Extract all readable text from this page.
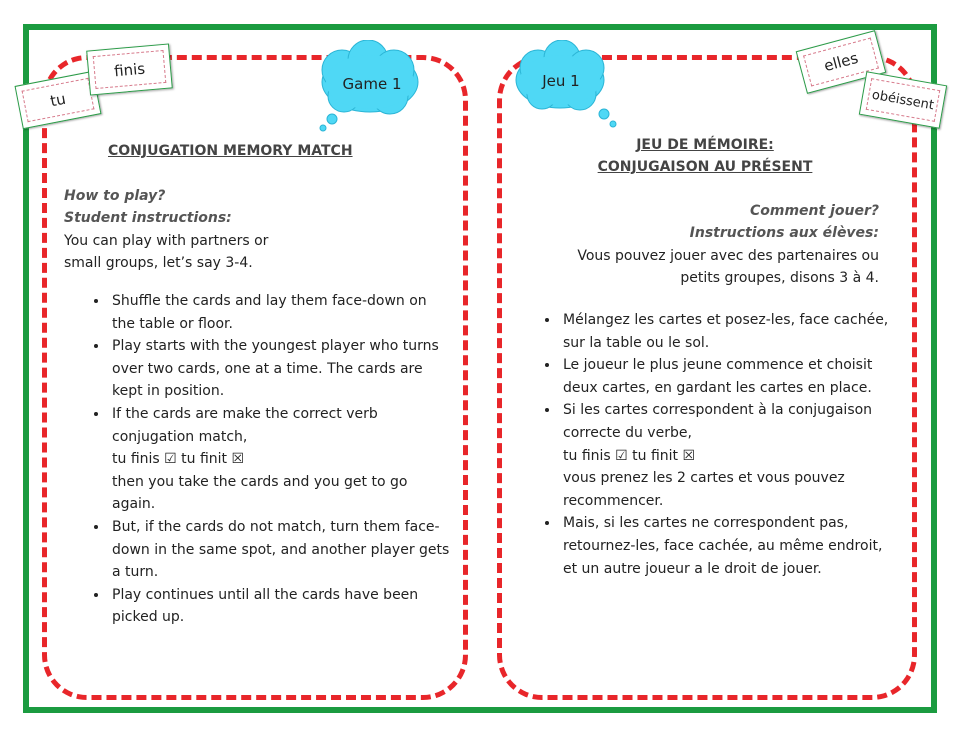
Game 1	Jeu 1
tu
finis	elles
obéissent
CONJUGATION MEMORY MATCH
How to play?
Student instructions:
You can play with partners or
small groups, let’s say 3-4.
• Shuffle the cards and lay them face-down on the table or floor.
• Play starts with the youngest player who turns over two cards, one at a time. The cards are kept in position.
• If the cards are make the correct verb conjugation match,
tu finis ☑ tu finit ☒
then you take the cards and you get to go again.
• But, if the cards do not match, turn them face-down in the same spot, and another player gets a turn.
• Play continues until all the cards have been picked up.
JEU DE MÉMOIRE:
CONJUGAISON AU PRÉSENT
Comment jouer?
Instructions aux élèves:
Vous pouvez jouer avec des partenaires ou
petits groupes, disons 3 à 4.
• Mélangez les cartes et posez-les, face cachée, sur la table ou le sol.
• Le joueur le plus jeune commence et choisit deux cartes, en gardant les cartes en place.
• Si les cartes correspondent à la conjugaison correcte du verbe,
tu finis ☑ tu finit ☒
vous prenez les 2 cartes et vous pouvez recommencer.
• Mais, si les cartes ne correspondent pas, retournez-les, face cachée, au même endroit, et un autre joueur a le droit de jouer.
